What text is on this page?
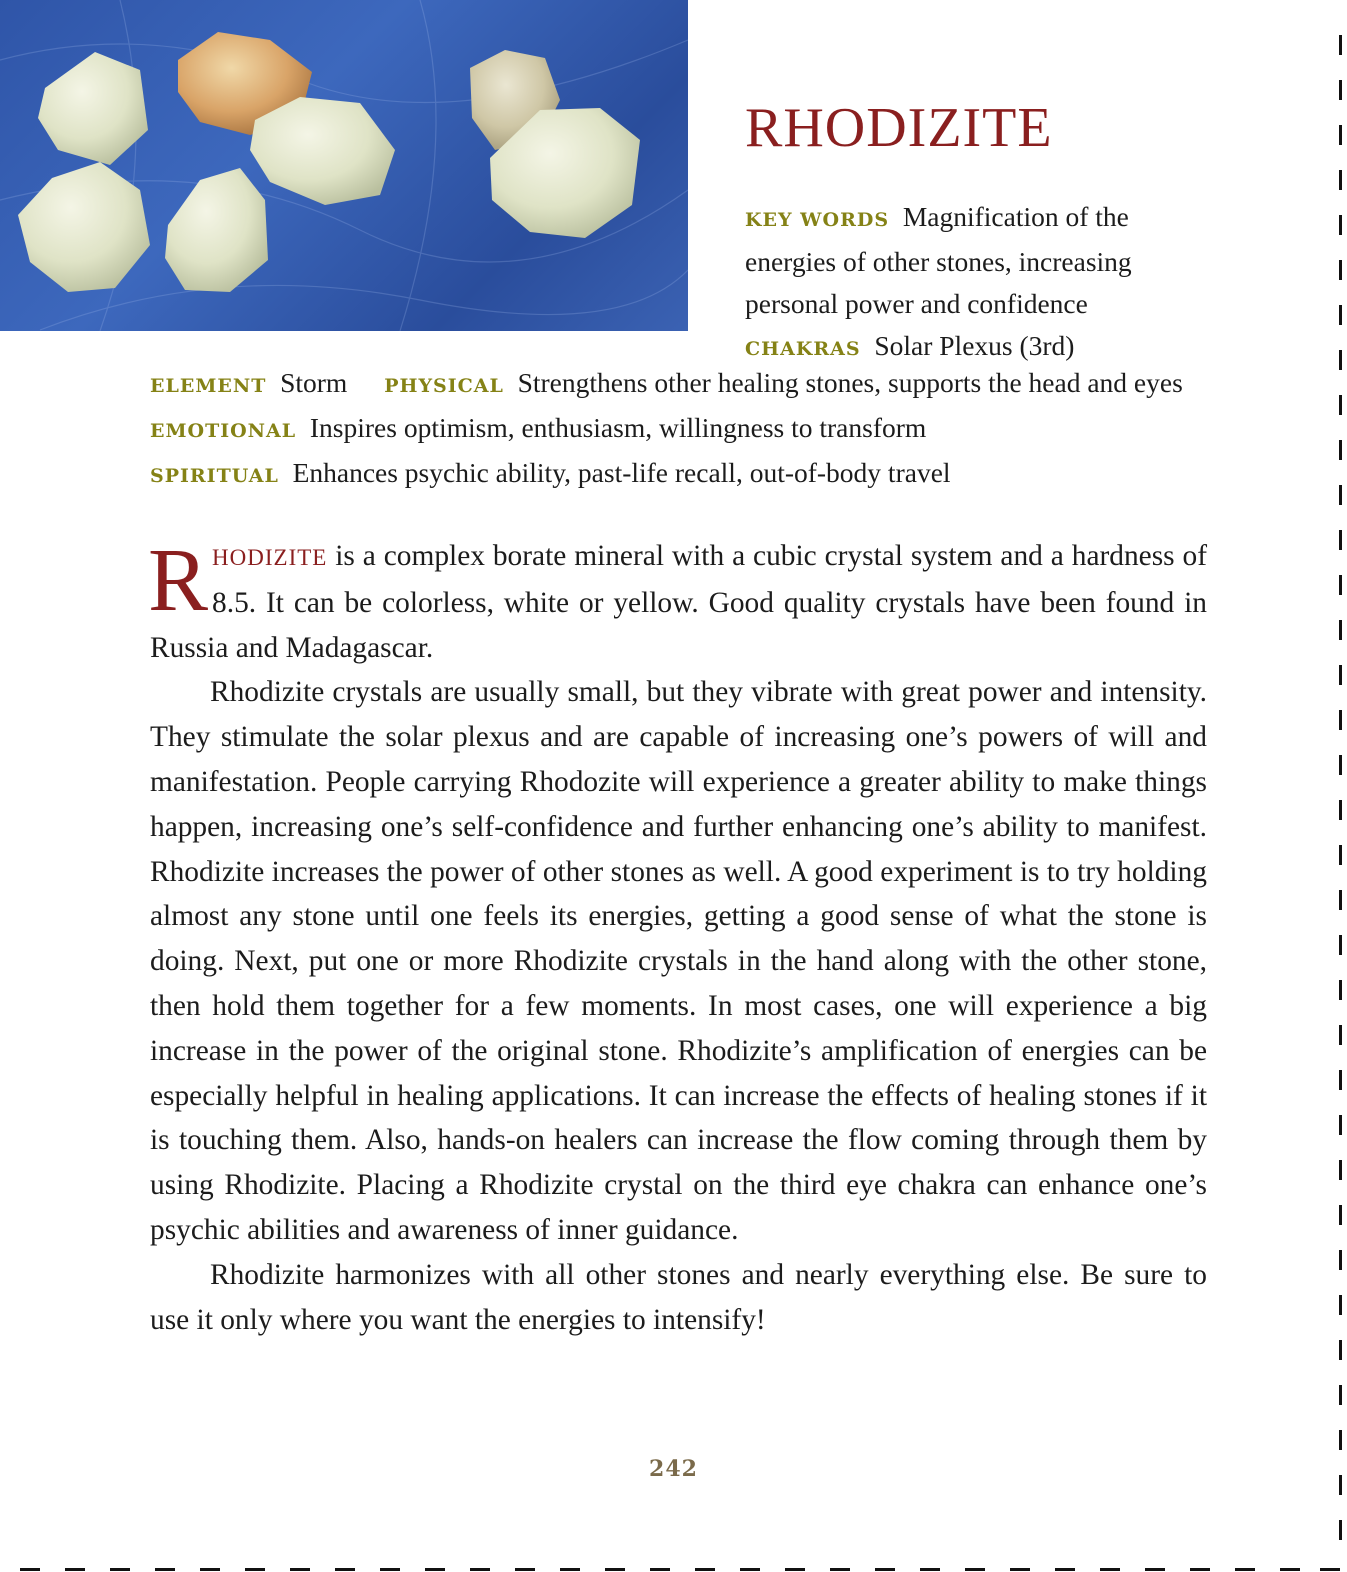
RHODIZITE
KEY WORDS Magnification of the energies of other stones, increasing personal power and confidence
CHAKRAS Solar Plexus (3rd)
ELEMENT Storm PHYSICAL Strengthens other healing stones, supports the head and eyes EMOTIONAL Inspires optimism, enthusiasm, willingness to transform
SPIRITUAL Enhances psychic ability, past-life recall, out-of-body travel

RHODIZITE is a complex borate mineral with a cubic crystal system and a hardness of 8.5. It can be colorless, white or yellow. Good quality crystals have been found in Russia and Madagascar.

Rhodizite crystals are usually small, but they vibrate with great power and intensity. They stimulate the solar plexus and are capable of increasing one’s powers of will and manifestation. People carrying Rhodozite will experience a greater ability to make things happen, increasing one’s self-confidence and further enhancing one’s ability to manifest. Rhodizite increases the power of other stones as well. A good experiment is to try holding almost any stone until one feels its energies, getting a good sense of what the stone is doing. Next, put one or more Rhodizite crystals in the hand along with the other stone, then hold them together for a few moments. In most cases, one will experience a big increase in the power of the original stone. Rhodizite’s amplification of energies can be especially helpful in healing applications. It can increase the effects of healing stones if it is touching them. Also, hands-on healers can increase the flow coming through them by using Rhodizite. Placing a Rhodizite crystal on the third eye chakra can enhance one’s psychic abilities and awareness of inner guidance.

Rhodizite harmonizes with all other stones and nearly everything else. Be sure to use it only where you want the energies to intensify!

242
